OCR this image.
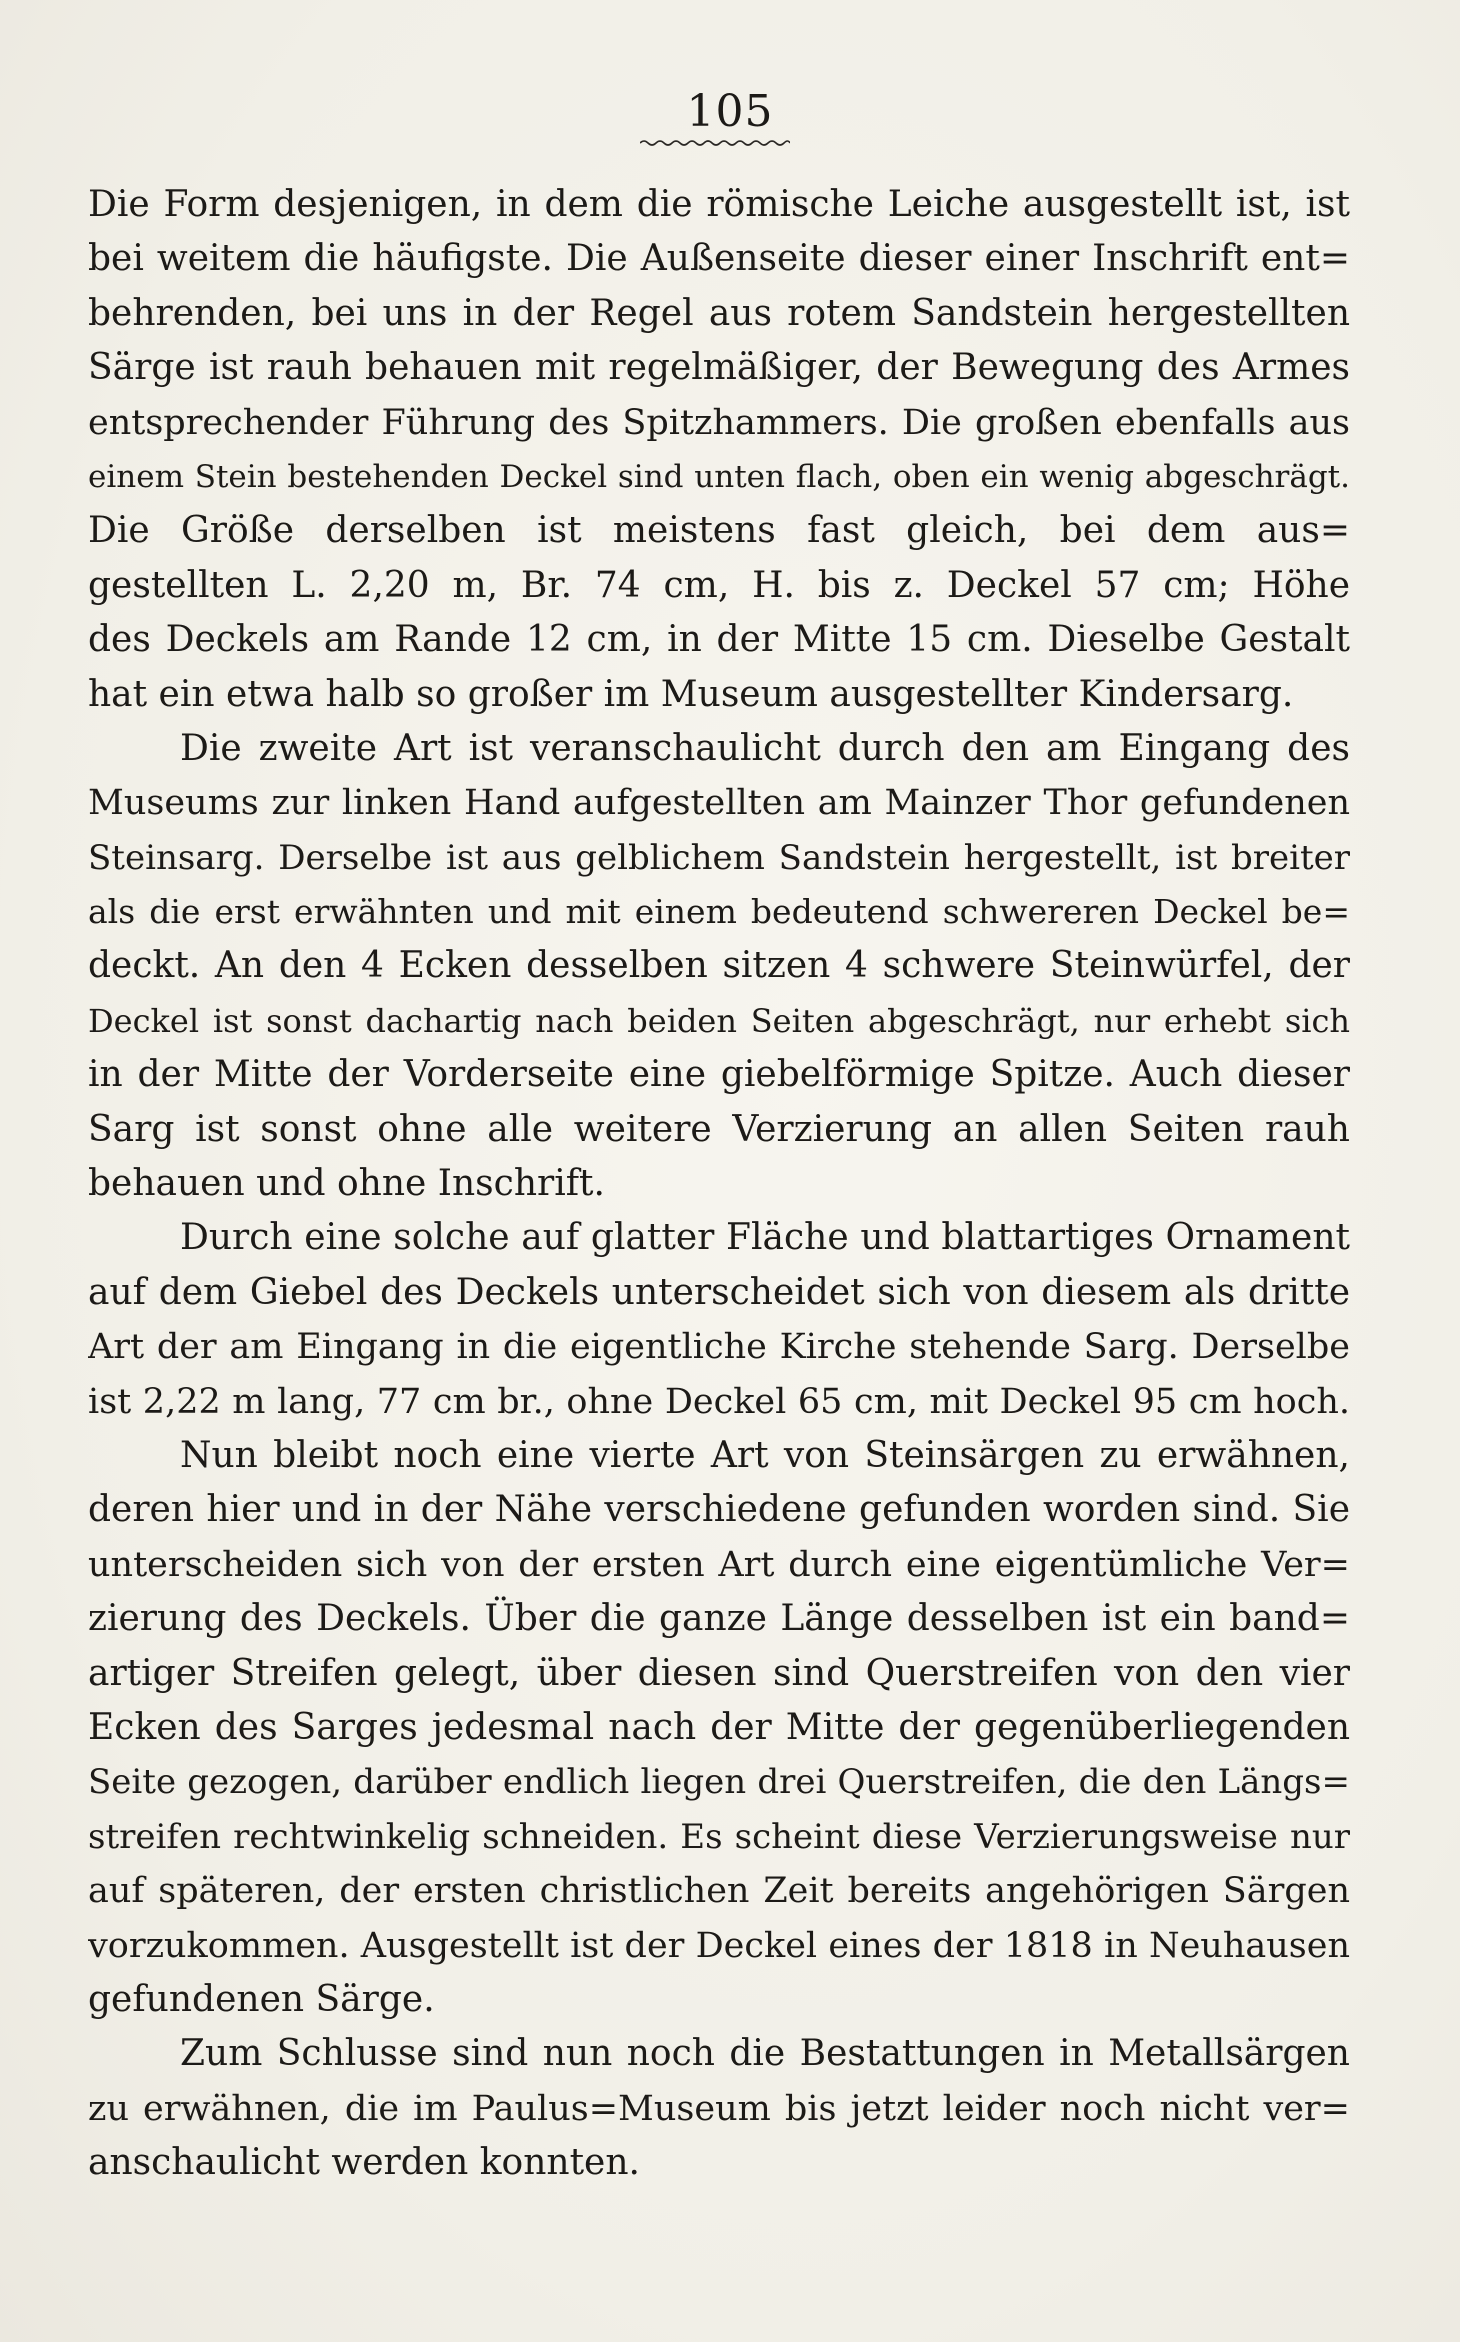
105
Die Form desjenigen, in dem die römische Leiche ausgestellt ist, ist
bei weitem die häufigste. Die Außenseite dieser einer Inschrift ent=
behrenden, bei uns in der Regel aus rotem Sandstein hergestellten
Särge ist rauh behauen mit regelmäßiger, der Bewegung des Armes
entsprechender Führung des Spitzhammers. Die großen ebenfalls aus
einem Stein bestehenden Deckel sind unten flach, oben ein wenig abgeschrägt.
Die Größe derselben ist meistens fast gleich, bei dem aus=
gestellten L. 2,20 m, Br. 74 cm, H. bis z. Deckel 57 cm; Höhe
des Deckels am Rande 12 cm, in der Mitte 15 cm. Dieselbe Gestalt
hat ein etwa halb so großer im Museum ausgestellter Kindersarg.
Die zweite Art ist veranschaulicht durch den am Eingang des
Museums zur linken Hand aufgestellten am Mainzer Thor gefundenen
Steinsarg. Derselbe ist aus gelblichem Sandstein hergestellt, ist breiter
als die erst erwähnten und mit einem bedeutend schwereren Deckel be=
deckt. An den 4 Ecken desselben sitzen 4 schwere Steinwürfel, der
Deckel ist sonst dachartig nach beiden Seiten abgeschrägt, nur erhebt sich
in der Mitte der Vorderseite eine giebelförmige Spitze. Auch dieser
Sarg ist sonst ohne alle weitere Verzierung an allen Seiten rauh
behauen und ohne Inschrift.
Durch eine solche auf glatter Fläche und blattartiges Ornament
auf dem Giebel des Deckels unterscheidet sich von diesem als dritte
Art der am Eingang in die eigentliche Kirche stehende Sarg. Derselbe
ist 2,22 m lang, 77 cm br., ohne Deckel 65 cm, mit Deckel 95 cm hoch.
Nun bleibt noch eine vierte Art von Steinsärgen zu erwähnen,
deren hier und in der Nähe verschiedene gefunden worden sind. Sie
unterscheiden sich von der ersten Art durch eine eigentümliche Ver=
zierung des Deckels. Über die ganze Länge desselben ist ein band=
artiger Streifen gelegt, über diesen sind Querstreifen von den vier
Ecken des Sarges jedesmal nach der Mitte der gegenüberliegenden
Seite gezogen, darüber endlich liegen drei Querstreifen, die den Längs=
streifen rechtwinkelig schneiden. Es scheint diese Verzierungsweise nur
auf späteren, der ersten christlichen Zeit bereits angehörigen Särgen
vorzukommen. Ausgestellt ist der Deckel eines der 1818 in Neuhausen
gefundenen Särge.
Zum Schlusse sind nun noch die Bestattungen in Metallsärgen
zu erwähnen, die im Paulus=Museum bis jetzt leider noch nicht ver=
anschaulicht werden konnten.
